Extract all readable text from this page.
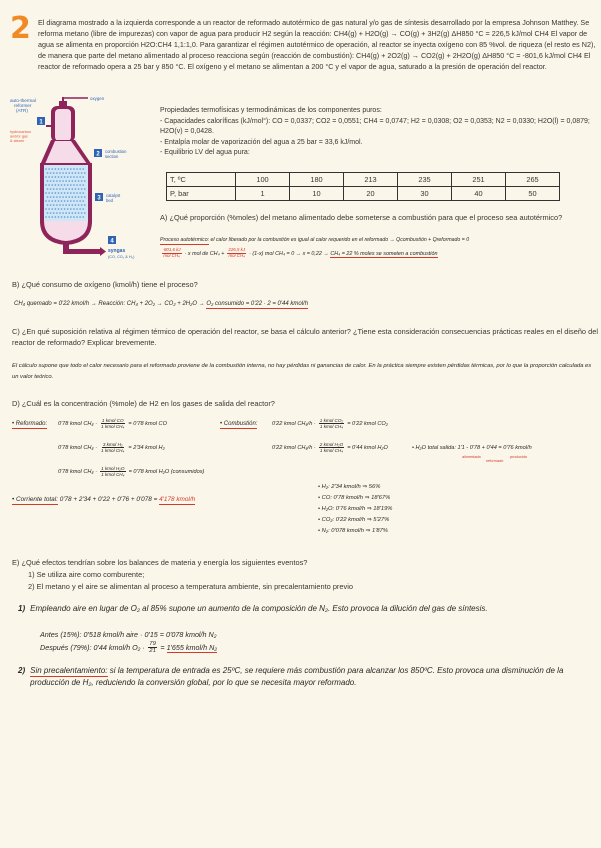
2 El diagrama mostrado a la izquierda corresponde a un reactor de reformado autotérmico de gas natural y/o gas de síntesis desarrollado por la empresa Johnson Matthey. Se reforma metano (libre de impurezas) con vapor de agua para producir H2 según la reacción: CH4(g) + H2O(g) → CO(g) + 3H2(g) ΔH850 °C = 226,5 kJ/mol CH4 El vapor de agua se alimenta en proporción H2O:CH4 1,1:1,0. Para garantizar el régimen autotérmico de operación, al reactor se inyecta oxígeno con 85 %vol. de riqueza (el resto es N2), de manera que parte del metano alimentado al proceso reacciona según (reacción de combustión): CH4(g) + 2O2(g) → CO2(g) + 2H2O(g) ΔH850 °C = -801,6 kJ/mol CH4 El reactor de reformado opera a 25 bar y 850 °C. El oxígeno y el metano se alimentan a 200 °C y el vapor de agua, saturado a la presión de operación del reactor.
auto-thermal
reformer
(ATR)
oxygen
hydrocarbon
and/or gas
& steam
1
2
3
4
combustion
section
catalyst
bed
syngas
(CO, CO₂ & H₂)
Propiedades termofísicas y termodinámicas de los componentes puros:
- Capacidades caloríficas (kJ/mol°): CO = 0,0337; CO2 = 0,0551; CH4 = 0,0747; H2 = 0,0308; O2 = 0,0353; N2 = 0,0330; H2O(l) = 0,0879; H2O(v) = 0,0428.
- Entalpía molar de vaporización del agua a 25 bar = 33,6 kJ/mol.
- Equilibrio LV del agua pura:
T, ºC	100	180	213	235	251	265
P, bar	1	10	20	30	40	50
A) ¿Qué proporción (%moles) del metano alimentado debe someterse a combustión para que el proceso sea autotérmico?
Proceso autotérmico: el calor liberado por la combustión es igual al calor requerido en el reformado → Qcombustión + Qreformado = 0
$\frac{-801,6 kJ}{\text{mol CH₄}} \cdot x$ mol de $CH_4 + \frac{226,5 kJ}{\text{mol CH₄}} \cdot (1-x)$ mol CH₄ = 0 → x = 0,22 → CH₄ = 22 % moles se someten a combustión
B) ¿Qué consumo de oxígeno (kmol/h) tiene el proceso?
CH₄ quemado = 0'22 kmol/h → Reacción: CH₄ + 2O₂ → CO₂ + 2H₂O → O₂ consumido = 0'22 · 2 = 0'44 kmol/h
C) ¿En qué suposición relativa al régimen térmico de operación del reactor, se basa el cálculo anterior? ¿Tiene esta consideración consecuencias prácticas reales en el diseño del reactor de reformado? Explicar brevemente.
El cálculo supone que todo el calor necesario para el reformado proviene de la combustión interna, no hay pérdidas ni ganancias de calor. En la práctica siempre existen pérdidas térmicas, por lo que la proporción calculada es un valor teórico.
D) ¿Cuál es la concentración (%mole) de H2 en los gases de salida del reactor?
• Reformado: 0'78 kmol $CH_4 \cdot \frac{\text{1 kmol CO}}{\text{1 kmol CH₄}} = 0'78$ kmol CO
0'78 kmol $CH_4 \cdot \frac{\text{3 kmol H₂}}{\text{1 kmol CH₄}} = 2'34$ kmol H₂
0'78 kmol $CH_4 \cdot \frac{\text{1 kmol H₂O}}{\text{1 kmol CH₄}} = 0'78$ kmol H₂O (consumidos)
• Combustión:	0'22 kmol $CH_4/h \cdot \frac{\text{1 kmol CO₂}}{\text{1 kmol CH₄}} = 0'22$ kmol CO₂
0'22 kmol $CH_4/h \cdot \frac{\text{2 kmol H₂O}}{\text{1 kmol CH₄}} = 0'44$ kmol H₂O	• H₂O total salida: 1'1 - 0'78 + 0'44 = 0'76 kmol/h
alimentada
reformado
producida
• Corriente total: 0'78 + 2'34 + 0'22 + 0'76 + 0'078 = 4'178 kmol/h
• H₂: 2'34 kmol/h ⇒ 56%
• CO: 0'78 kmol/h ⇒ 18'67%
• H₂O: 0'76 kmol/h ⇒ 18'19%
• CO₂: 0'22 kmol/h ⇒ 5'27%
• N₂: 0'078 kmol/h ⇒ 1'87%
E) ¿Qué efectos tendrían sobre los balances de materia y energía los siguientes eventos?
1) Se utiliza aire como comburente;
2) El metano y el aire se alimentan al proceso a temperatura ambiente, sin precalentamiento previo
1) Empleando aire en lugar de O₂ al 85% supone un aumento de la composición de N₂. Esto provoca la dilución del gas de síntesis.
Antes (15%): 0'518 kmol/h aire · 0'15 = 0'078 kmol/h N₂
Después (79%): 0'44 kmol/h $O_2 \cdot \frac{79}{21} = 1'655$ kmol/h N₂
2) Sin precalentamiento: si la temperatura de entrada es 25ºC, se requiere más combustión para alcanzar los 850ºC. Esto provoca una disminución de la producción de H₂, reduciendo la conversión global, por lo que se necesita mayor reformado.
